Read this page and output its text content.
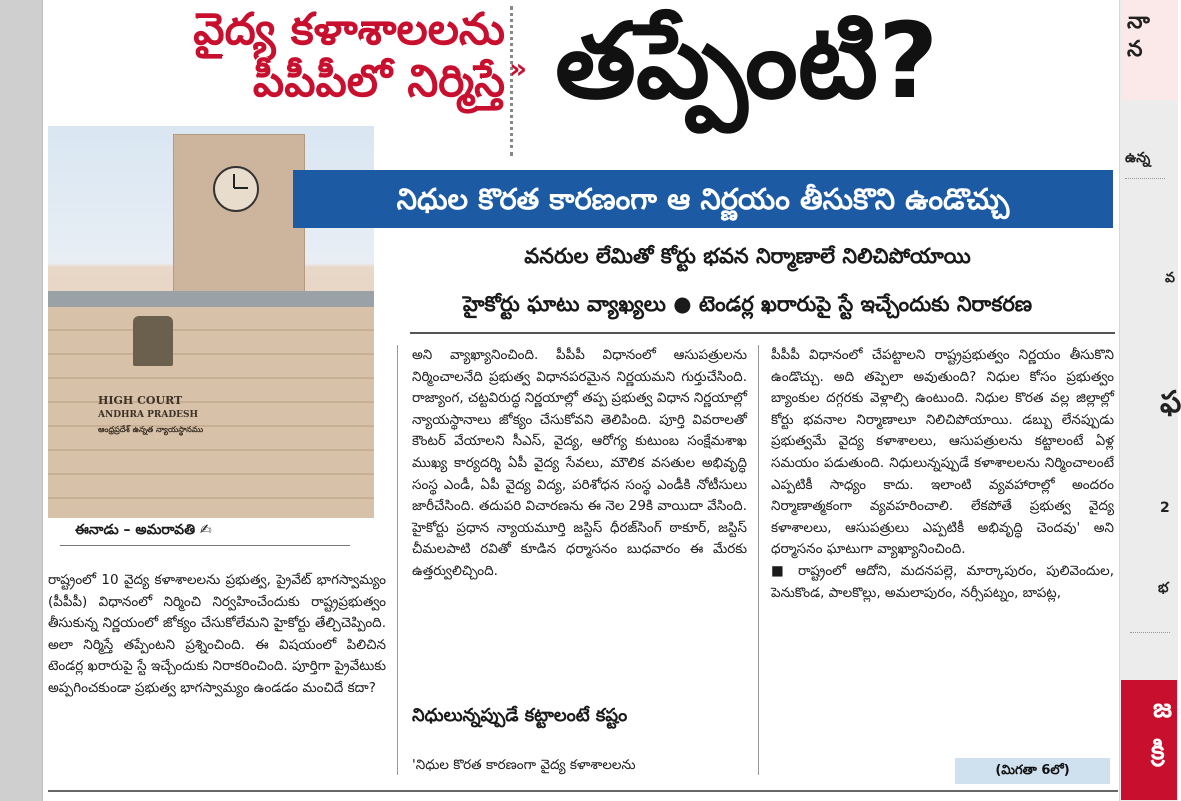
నా
న
ఉన్న
వ
ఫ
2
భ
జ
క్రి
వైద్య కళాశాలలను
పీపీపీలో నిర్మిస్తే » తప్పేంటి?
HIGH COURT
ANDHRA PRADESH
ఆంధ్రప్రదేశ్ ఉన్నత న్యాయస్థానము
నిధుల కొరత కారణంగా ఆ నిర్ణయం తీసుకొని ఉండొచ్చు
వనరుల లేమితో కోర్టు భవన నిర్మాణాలే నిలిచిపోయాయి
హైకోర్టు ఘాటు వ్యాఖ్యలు ● టెండర్ల ఖరారుపై స్టే ఇచ్చేందుకు నిరాకరణ
ఈనాడు – అమరావతి ✍
రాష్ట్రంలో 10 వైద్య కళాశాలలను ప్రభుత్వ, ప్రైవేట్ భాగస్వామ్యం (పీపీపీ) విధానంలో నిర్మించి నిర్వహించేందుకు రాష్ట్రప్రభుత్వం తీసుకున్న నిర్ణయంలో జోక్యం చేసుకోలేమని హైకోర్టు తేల్చిచెప్పింది. అలా నిర్మిస్తే తప్పేంటని ప్రశ్నించింది. ఈ విషయంలో పిలిచిన టెండర్ల ఖరారుపై స్టే ఇచ్చేందుకు నిరాకరించింది. పూర్తిగా ప్రైవేటుకు అప్పగించకుండా ప్రభుత్వ భాగస్వామ్యం ఉండడం మంచిదే కదా?
అని వ్యాఖ్యానించింది. పీపీపీ విధానంలో ఆసుపత్రులను నిర్మించాలనేది ప్రభుత్వ విధానపరమైన నిర్ణయమని గుర్తుచేసింది. రాజ్యాంగ, చట్టవిరుద్ధ నిర్ణయాల్లో తప్ప ప్రభుత్వ విధాన నిర్ణయాల్లో న్యాయస్థానాలు జోక్యం చేసుకోవని తెలిపింది. పూర్తి వివరాలతో కౌంటర్ వేయాలని సీఎస్, వైద్య, ఆరోగ్య కుటుంబ సంక్షేమశాఖ ముఖ్య కార్యదర్శి ఏపీ వైద్య సేవలు, మౌలిక వసతుల అభివృద్ధి సంస్థ ఎండీ, ఏపీ వైద్య విద్య, పరిశోధన సంస్థ ఎండీకి నోటీసులు జారీచేసింది. తదుపరి విచారణను ఈ నెల 29కి వాయిదా వేసింది. హైకోర్టు ప్రధాన న్యాయమూర్తి జస్టిస్ ధీరజ్‌సింగ్ ఠాకూర్, జస్టిస్ చీమలపాటి రవితో కూడిన ధర్మాసనం బుధవారం ఈ మేరకు ఉత్తర్వులిచ్చింది.
నిధులున్నప్పుడే కట్టాలంటే కష్టం
'నిధుల కొరత కారణంగా వైద్య కళాశాలలను
పీపీపీ విధానంలో చేపట్టాలని రాష్ట్రప్రభుత్వం నిర్ణయం తీసుకొని ఉండొచ్చు. అది తప్పెలా అవుతుంది? నిధుల కోసం ప్రభుత్వం బ్యాంకుల దగ్గరకు వెళ్లాల్సి ఉంటుంది. నిధుల కొరత వల్ల జిల్లాల్లో కోర్టు భవనాల నిర్మాణాలూ నిలిచిపోయాయి. డబ్బు లేనప్పుడు ప్రభుత్వమే వైద్య కళాశాలలు, ఆసుపత్రులను కట్టాలంటే ఏళ్ల సమయం పడుతుంది. నిధులున్నప్పుడే కళాశాలలను నిర్మించాలంటే ఎప్పటికీ సాధ్యం కాదు. ఇలాంటి వ్యవహారాల్లో అందరం నిర్మాణాత్మకంగా వ్యవహరించాలి. లేకపోతే ప్రభుత్వ వైద్య కళాశాలలు, ఆసుపత్రులు ఎప్పటికీ అభివృద్ధి చెందవు' అని ధర్మాసనం ఘాటుగా వ్యాఖ్యానించింది.
■ రాష్ట్రంలో ఆదోని, మదనపల్లె, మార్కాపురం, పులివెందుల, పెనుకొండ, పాలకొల్లు, అమలాపురం, నర్సీపట్నం, బాపట్ల,
(మిగతా 6లో)
